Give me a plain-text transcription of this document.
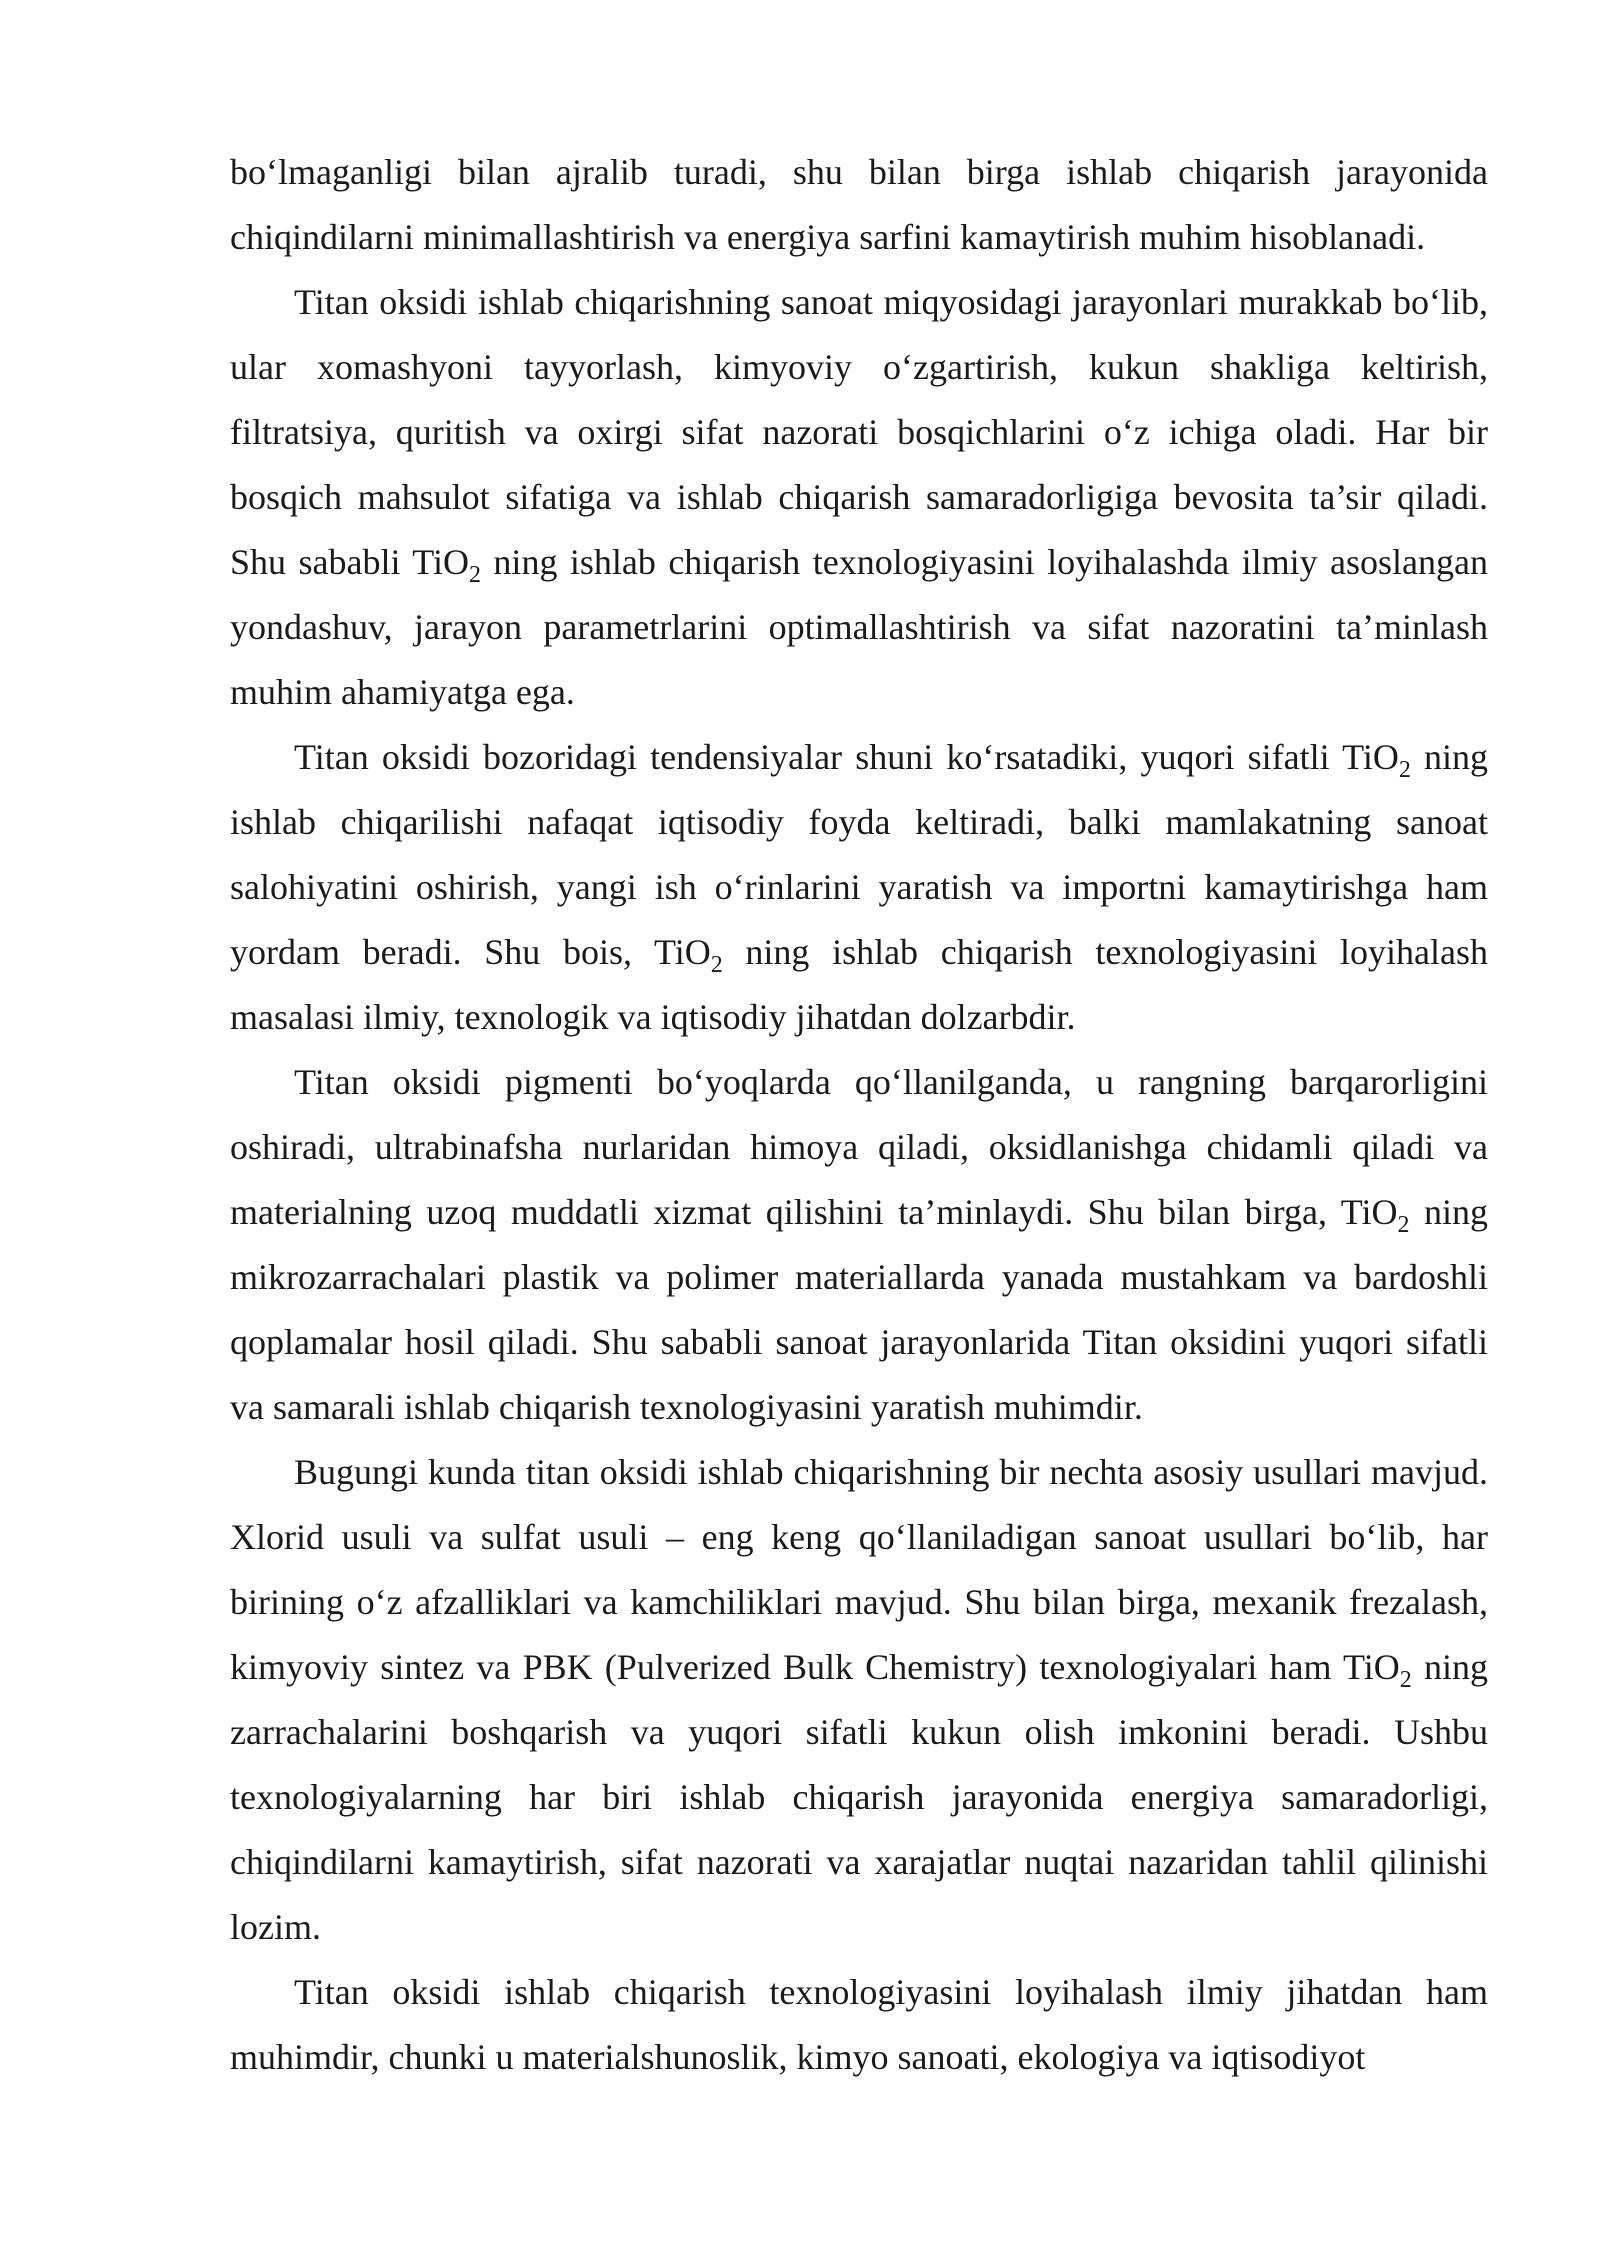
bo‘lmaganligi bilan ajralib turadi, shu bilan birga ishlab chiqarish jarayonida chiqindilarni minimallashtirish va energiya sarfini kamaytirish muhim hisoblanadi.

Titan oksidi ishlab chiqarishning sanoat miqyosidagi jarayonlari murakkab bo‘lib, ular xomashyoni tayyorlash, kimyoviy o‘zgartirish, kukun shakliga keltirish, filtratsiya, quritish va oxirgi sifat nazorati bosqichlarini o‘z ichiga oladi. Har bir bosqich mahsulot sifatiga va ishlab chiqarish samaradorligiga bevosita ta’sir qiladi. Shu sababli TiO$_2$ ning ishlab chiqarish texnologiyasini loyihalashda ilmiy asoslangan yondashuv, jarayon parametrlarini optimallashtirish va sifat nazoratini ta’minlash muhim ahamiyatga ega.

Titan oksidi bozoridagi tendensiyalar shuni ko‘rsatadiki, yuqori sifatli TiO$_2$ ning ishlab chiqarilishi nafaqat iqtisodiy foyda keltiradi, balki mamlakatning sanoat salohiyatini oshirish, yangi ish o‘rinlarini yaratish va importni kamaytirishga ham yordam beradi. Shu bois, TiO$_2$ ning ishlab chiqarish texnologiyasini loyihalash masalasi ilmiy, texnologik va iqtisodiy jihatdan dolzarbdir.

Titan oksidi pigmenti bo‘yoqlarda qo‘llanilganda, u rangning barqarorligini oshiradi, ultrabinafsha nurlaridan himoya qiladi, oksidlanishga chidamli qiladi va materialning uzoq muddatli xizmat qilishini ta’minlaydi. Shu bilan birga, TiO$_2$ ning mikrozarrachalari plastik va polimer materiallarda yanada mustahkam va bardoshli qoplamalar hosil qiladi. Shu sababli sanoat jarayonlarida Titan oksidini yuqori sifatli va samarali ishlab chiqarish texnologiyasini yaratish muhimdir.

Bugungi kunda titan oksidi ishlab chiqarishning bir nechta asosiy usullari mavjud. Xlorid usuli va sulfat usuli – eng keng qo‘llaniladigan sanoat usullari bo‘lib, har birining o‘z afzalliklari va kamchiliklari mavjud. Shu bilan birga, mexanik frezalash, kimyoviy sintez va PBK (Pulverized Bulk Chemistry) texnologiyalari ham TiO$_2$ ning zarrachalarini boshqarish va yuqori sifatli kukun olish imkonini beradi. Ushbu texnologiyalarning har biri ishlab chiqarish jarayonida energiya samaradorligi, chiqindilarni kamaytirish, sifat nazorati va xarajatlar nuqtai nazaridan tahlil qilinishi lozim.

Titan oksidi ishlab chiqarish texnologiyasini loyihalash ilmiy jihatdan ham muhimdir, chunki u materialshunoslik, kimyo sanoati, ekologiya va iqtisodiyot
